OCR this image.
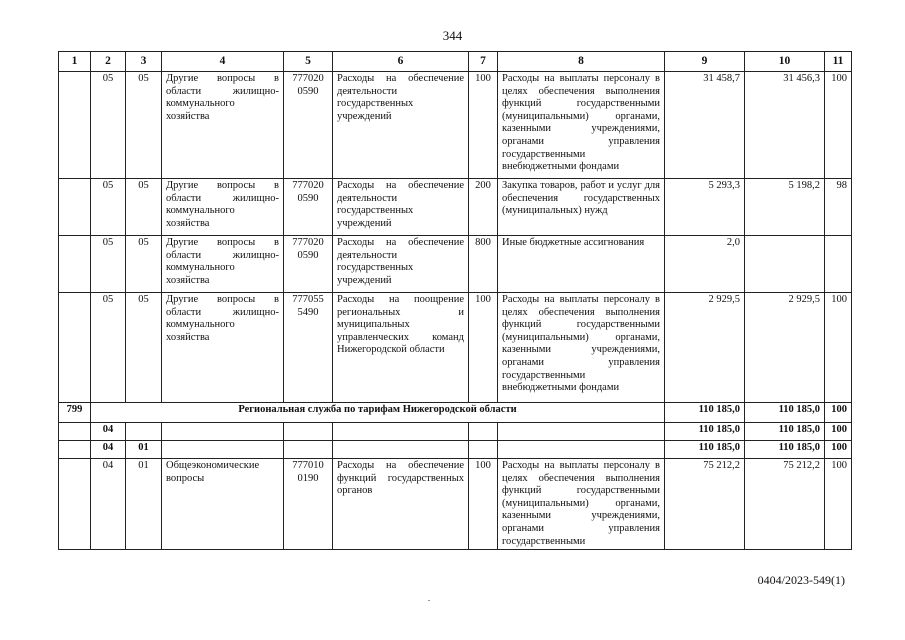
344
1	2	3	4	5	6	7	8	9	10	11
	05	05	Другие вопросы в области жилищно-коммунального хозяйства	777020 0590	Расходы на обеспечение деятельности государственных учреждений	100	Расходы на выплаты персоналу в целях обеспечения выполнения функций государственными (муниципальными) органами, казенными учреждениями, органами управления государственными внебюджетными фондами	31 458,7	31 456,3	100
	05	05	Другие вопросы в области жилищно-коммунального хозяйства	777020 0590	Расходы на обеспечение деятельности государственных учреждений	200	Закупка товаров, работ и услуг для обеспечения государственных (муниципальных) нужд	5 293,3	5 198,2	98
	05	05	Другие вопросы в области жилищно-коммунального хозяйства	777020 0590	Расходы на обеспечение деятельности государственных учреждений	800	Иные бюджетные ассигнования	2,0		
	05	05	Другие вопросы в области жилищно-коммунального хозяйства	777055 5490	Расходы на поощрение региональных и муниципальных управленческих команд Нижегородской области	100	Расходы на выплаты персоналу в целях обеспечения выполнения функций государственными (муниципальными) органами, казенными учреждениями, органами управления государственными внебюджетными фондами	2 929,5	2 929,5	100
799	Региональная служба по тарифам Нижегородской области							110 185,0	110 185,0	100
	04							110 185,0	110 185,0	100
	04	01						110 185,0	110 185,0	100
	04	01	Общеэкономические вопросы	777010 0190	Расходы на обеспечение функций государственных органов	100	Расходы на выплаты персоналу в целях обеспечения выполнения функций государственными (муниципальными) органами, казенными учреждениями, органами управления государственными	75 212,2	75 212,2	100
0404/2023-549(1)
